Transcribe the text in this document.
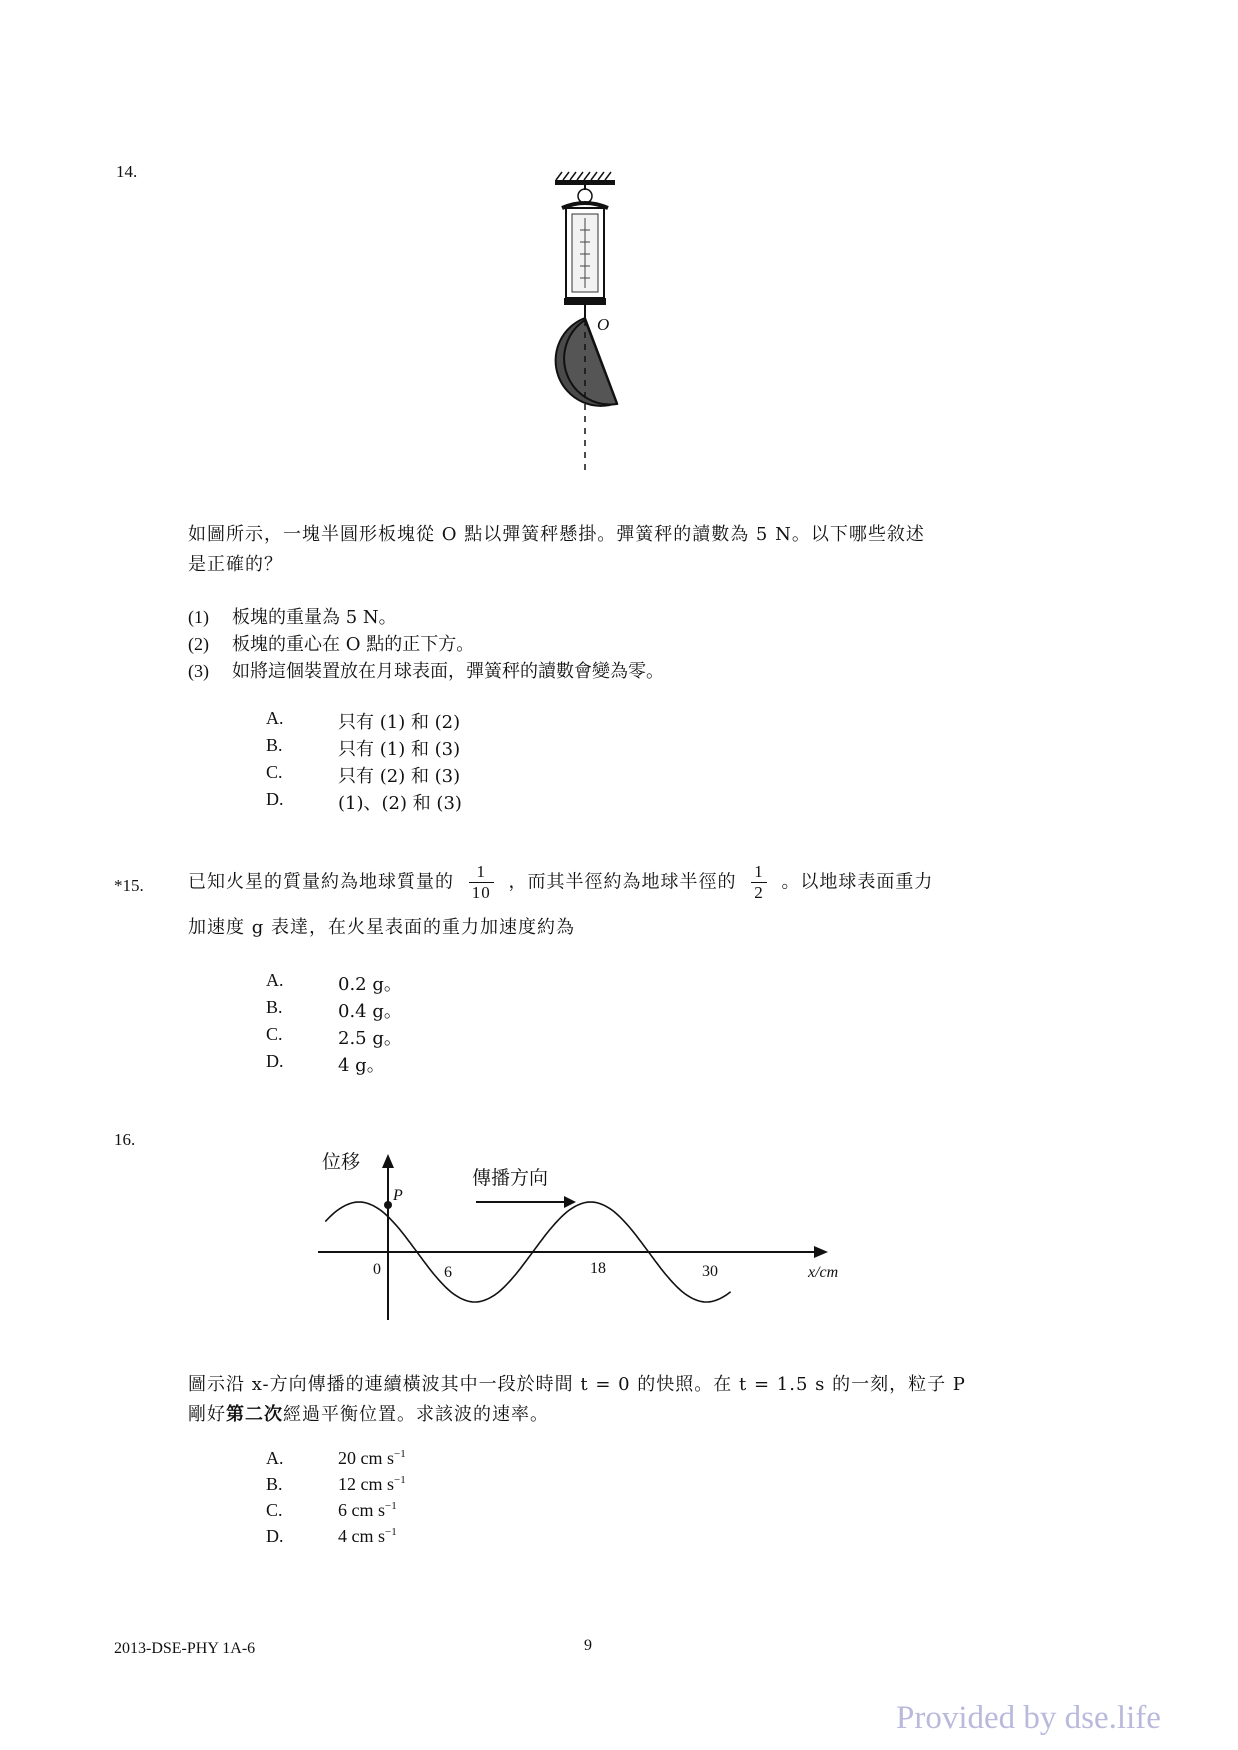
14.
O
如圖所示，一塊半圓形板塊從 O 點以彈簧秤懸掛。彈簧秤的讀數為 5 N。以下哪些敘述
是正確的？
(1) 板塊的重量為 5 N。
(2) 板塊的重心在 O 點的正下方。
(3) 如將這個裝置放在月球表面，彈簧秤的讀數會變為零。
A.	只有 (1) 和 (2)
B.	只有 (1) 和 (3)
C.	只有 (2) 和 (3)
D.	(1)、(2) 和 (3)
*15. 已知火星的質量約為地球質量的 $\frac{1}{10}$ ，而其半徑約為地球半徑的 $\frac{1}{2}$ 。以地球表面重力
加速度 g 表達，在火星表面的重力加速度約為
A.	0.2 g。
B.	0.4 g。
C.	2.5 g。
D.	4 g。
16.
P
位移
傳播方向
0	6	18	30	x/cm
圖示沿 x-方向傳播的連續橫波其中一段於時間 t = 0 的快照。在 t = 1.5 s 的一刻，粒子 P
剛好第二次經過平衡位置。求該波的速率。
A.	20 cm $s^{-1}$
B.	12 cm $s^{-1}$
C.	6 cm $s^{-1}$
D.	4 cm $s^{-1}$
2013-DSE-PHY 1A-6	9
Provided by dse.life
